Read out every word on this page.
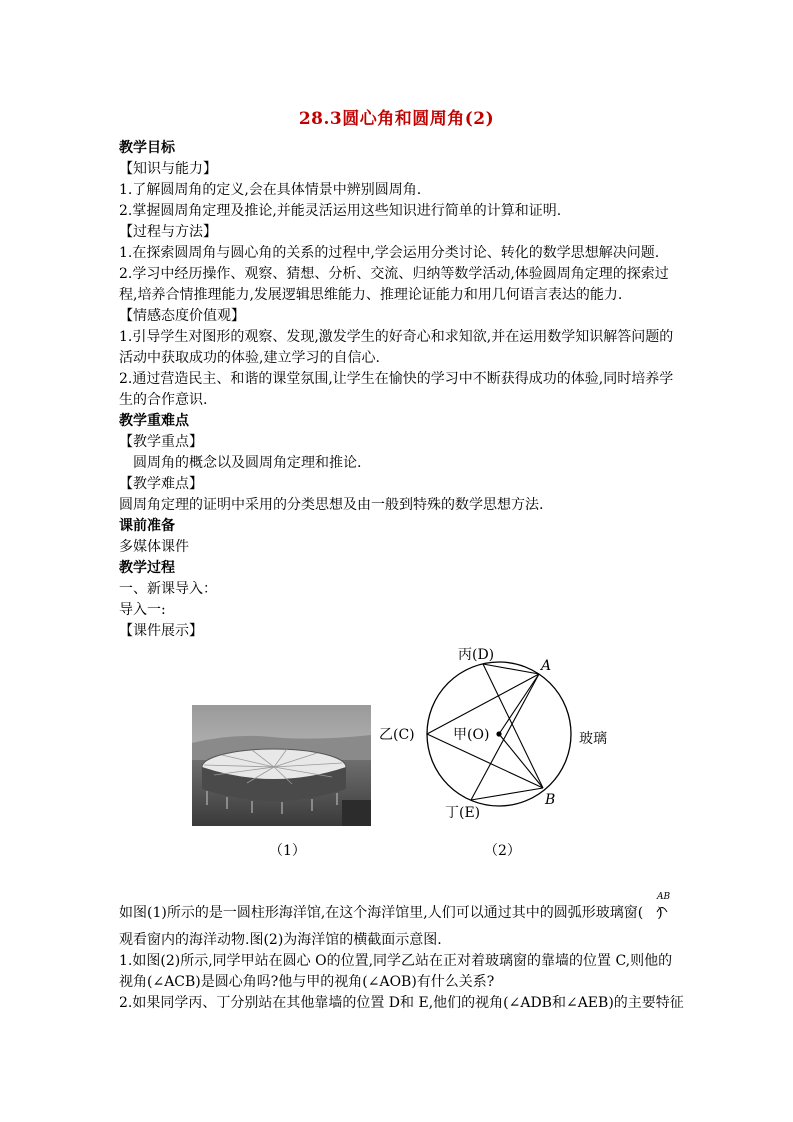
28.3圆心角和圆周角(2)
教学目标
【知识与能力】
1.了解圆周角的定义,会在具体情景中辨别圆周角.
2.掌握圆周角定理及推论,并能灵活运用这些知识进行简单的计算和证明.
【过程与方法】
1.在探索圆周角与圆心角的关系的过程中,学会运用分类讨论、转化的数学思想解决问题.
2.学习中经历操作、观察、猜想、分析、交流、归纳等数学活动,体验圆周角定理的探索过
程,培养合情推理能力,发展逻辑思维能力、推理论证能力和用几何语言表达的能力.
【情感态度价值观】
1.引导学生对图形的观察、发现,激发学生的好奇心和求知欲,并在运用数学知识解答问题的
活动中获取成功的体验,建立学习的自信心.
2.通过营造民主、和谐的课堂氛围,让学生在愉快的学习中不断获得成功的体验,同时培养学
生的合作意识.
教学重难点
【教学重点】
圆周角的概念以及圆周角定理和推论.
【教学难点】
圆周角定理的证明中采用的分类思想及由一般到特殊的数学思想方法.
课前准备
多媒体课件
教学过程
一、新课导入：
导入一:
【课件展示】
（1）
丙(D)
A
乙(C)	甲(O)	玻璃
丁(E)
B
（2）
如图(1)所示的是一圆柱形海洋馆,在这个海洋馆里,人们可以通过其中的圆弧形玻璃窗( )
AB
观看窗内的海洋动物.图(2)为海洋馆的横截面示意图.
1.如图(2)所示,同学甲站在圆心 O的位置,同学乙站在正对着玻璃窗的靠墙的位置 C,则他的
视角(∠ACB)是圆心角吗?他与甲的视角(∠AOB)有什么关系?
2.如果同学丙、丁分别站在其他靠墙的位置 D和 E,他们的视角(∠ADB和∠AEB)的主要特征
